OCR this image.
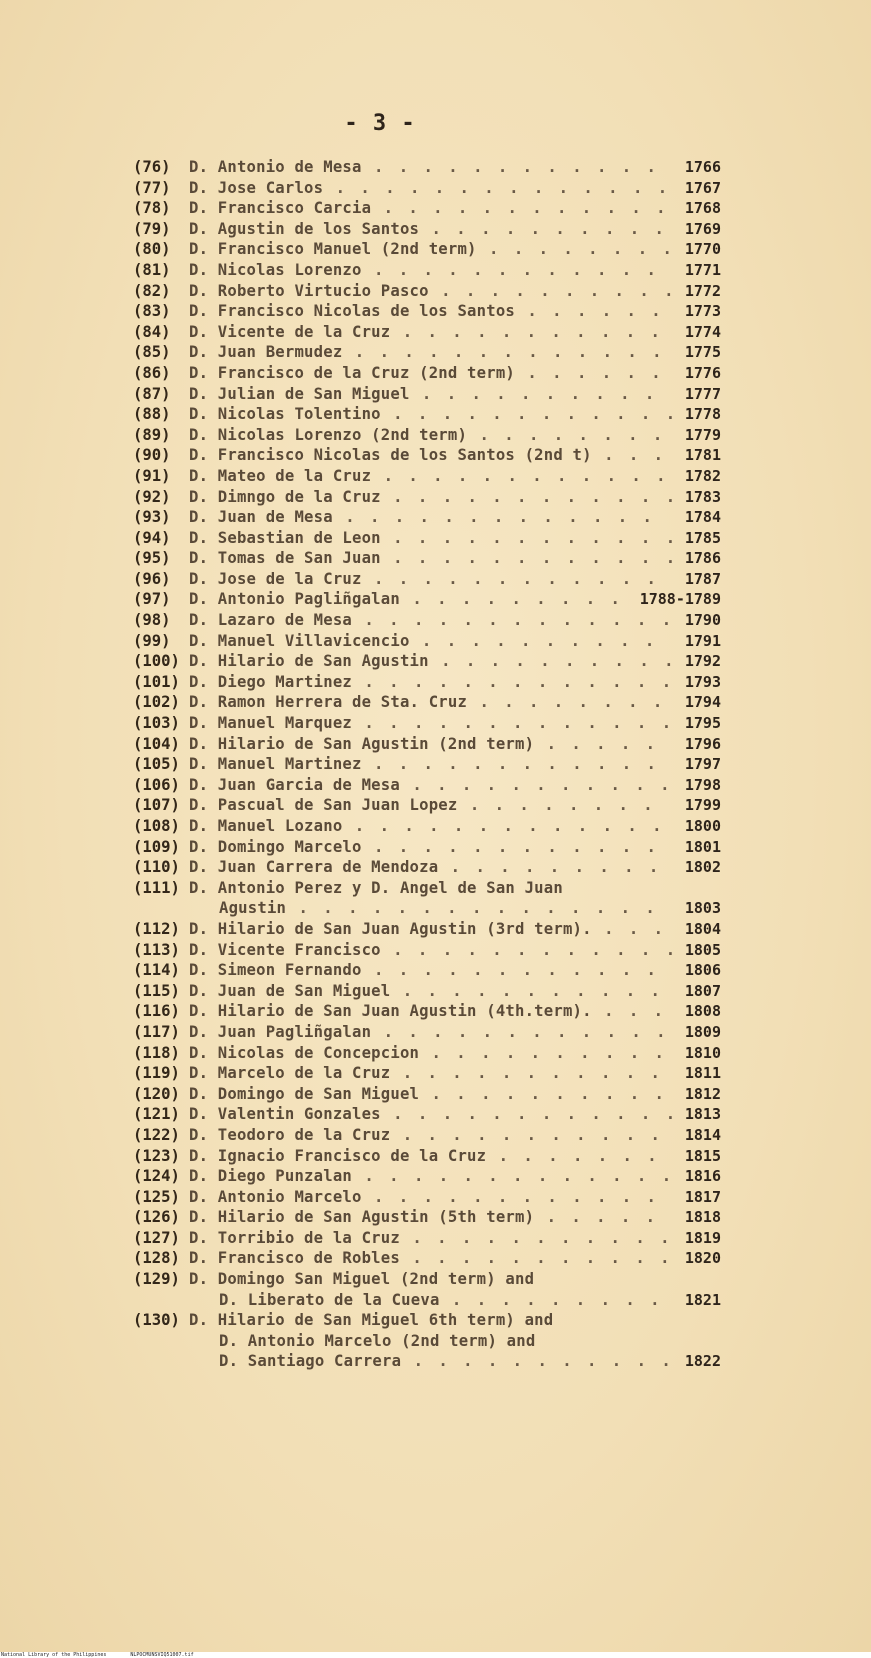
- 3 -
(76) D. Antonio de Mesa . . . . . . . . . . . . 1766
(77) D. Jose Carlos . . . . . . . . . . . . . . 1767
(78) D. Francisco Carcia . . . . . . . . . . . . 1768
(79) D. Agustin de los Santos . . . . . . . . . . 1769
(80) D. Francisco Manuel (2nd term) . . . . . . . . 1770
(81) D. Nicolas Lorenzo . . . . . . . . . . . . 1771
(82) D. Roberto Virtucio Pasco . . . . . . . . . . 1772
(83) D. Francisco Nicolas de los Santos . . . . . . 1773
(84) D. Vicente de la Cruz . . . . . . . . . . . 1774
(85) D. Juan Bermudez . . . . . . . . . . . . . 1775
(86) D. Francisco de la Cruz (2nd term) . . . . . . 1776
(87) D. Julian de San Miguel . . . . . . . . . . 1777
(88) D. Nicolas Tolentino . . . . . . . . . . . . 1778
(89) D. Nicolas Lorenzo (2nd term) . . . . . . . . 1779
(90) D. Francisco Nicolas de los Santos (2nd t) . . . 1781
(91) D. Mateo de la Cruz . . . . . . . . . . . . 1782
(92) D. Dimngo de la Cruz . . . . . . . . . . . . 1783
(93) D. Juan de Mesa . . . . . . . . . . . . . 1784
(94) D. Sebastian de Leon . . . . . . . . . . . . 1785
(95) D. Tomas de San Juan . . . . . . . . . . . . 1786
(96) D. Jose de la Cruz . . . . . . . . . . . . 1787
(97) D. Antonio Pagliñgalan . . . . . . . . . 1788-1789
(98) D. Lazaro de Mesa . . . . . . . . . . . . . 1790
(99) D. Manuel Villavicencio . . . . . . . . . . 1791
(100) D. Hilario de San Agustin . . . . . . . . . . 1792
(101) D. Diego Martinez . . . . . . . . . . . . . 1793
(102) D. Ramon Herrera de Sta. Cruz . . . . . . . . 1794
(103) D. Manuel Marquez . . . . . . . . . . . . . 1795
(104) D. Hilario de San Agustin (2nd term) . . . . . 1796
(105) D. Manuel Martinez . . . . . . . . . . . . 1797
(106) D. Juan Garcia de Mesa . . . . . . . . . . . 1798
(107) D. Pascual de San Juan Lopez . . . . . . . . 1799
(108) D. Manuel Lozano . . . . . . . . . . . . . 1800
(109) D. Domingo Marcelo . . . . . . . . . . . . 1801
(110) D. Juan Carrera de Mendoza . . . . . . . . . 1802
(111) D. Antonio Perez y D. Angel de San Juan
Agustin . . . . . . . . . . . . . . . 1803
(112) D. Hilario de San Juan Agustin (3rd term). . . . 1804
(113) D. Vicente Francisco . . . . . . . . . . . . 1805
(114) D. Simeon Fernando . . . . . . . . . . . . 1806
(115) D. Juan de San Miguel . . . . . . . . . . . 1807
(116) D. Hilario de San Juan Agustin (4th.term). . . . 1808
(117) D. Juan Pagliñgalan . . . . . . . . . . . . 1809
(118) D. Nicolas de Concepcion . . . . . . . . . . 1810
(119) D. Marcelo de la Cruz . . . . . . . . . . . 1811
(120) D. Domingo de San Miguel . . . . . . . . . . 1812
(121) D. Valentin Gonzales . . . . . . . . . . . . 1813
(122) D. Teodoro de la Cruz . . . . . . . . . . . 1814
(123) D. Ignacio Francisco de la Cruz . . . . . . . 1815
(124) D. Diego Punzalan . . . . . . . . . . . . . 1816
(125) D. Antonio Marcelo . . . . . . . . . . . . 1817
(126) D. Hilario de San Agustin (5th term) . . . . . 1818
(127) D. Torribio de la Cruz . . . . . . . . . . . 1819
(128) D. Francisco de Robles . . . . . . . . . . . 1820
(129) D. Domingo San Miguel (2nd term) and
D. Liberato de la Cueva . . . . . . . . . 1821
(130) D. Hilario de San Miguel 6th term) and
D. Antonio Marcelo (2nd term) and
D. Santiago Carrera . . . . . . . . . . . 1822
National Library of the Philippines	NLPOCMUNSVIQ51007.tif
